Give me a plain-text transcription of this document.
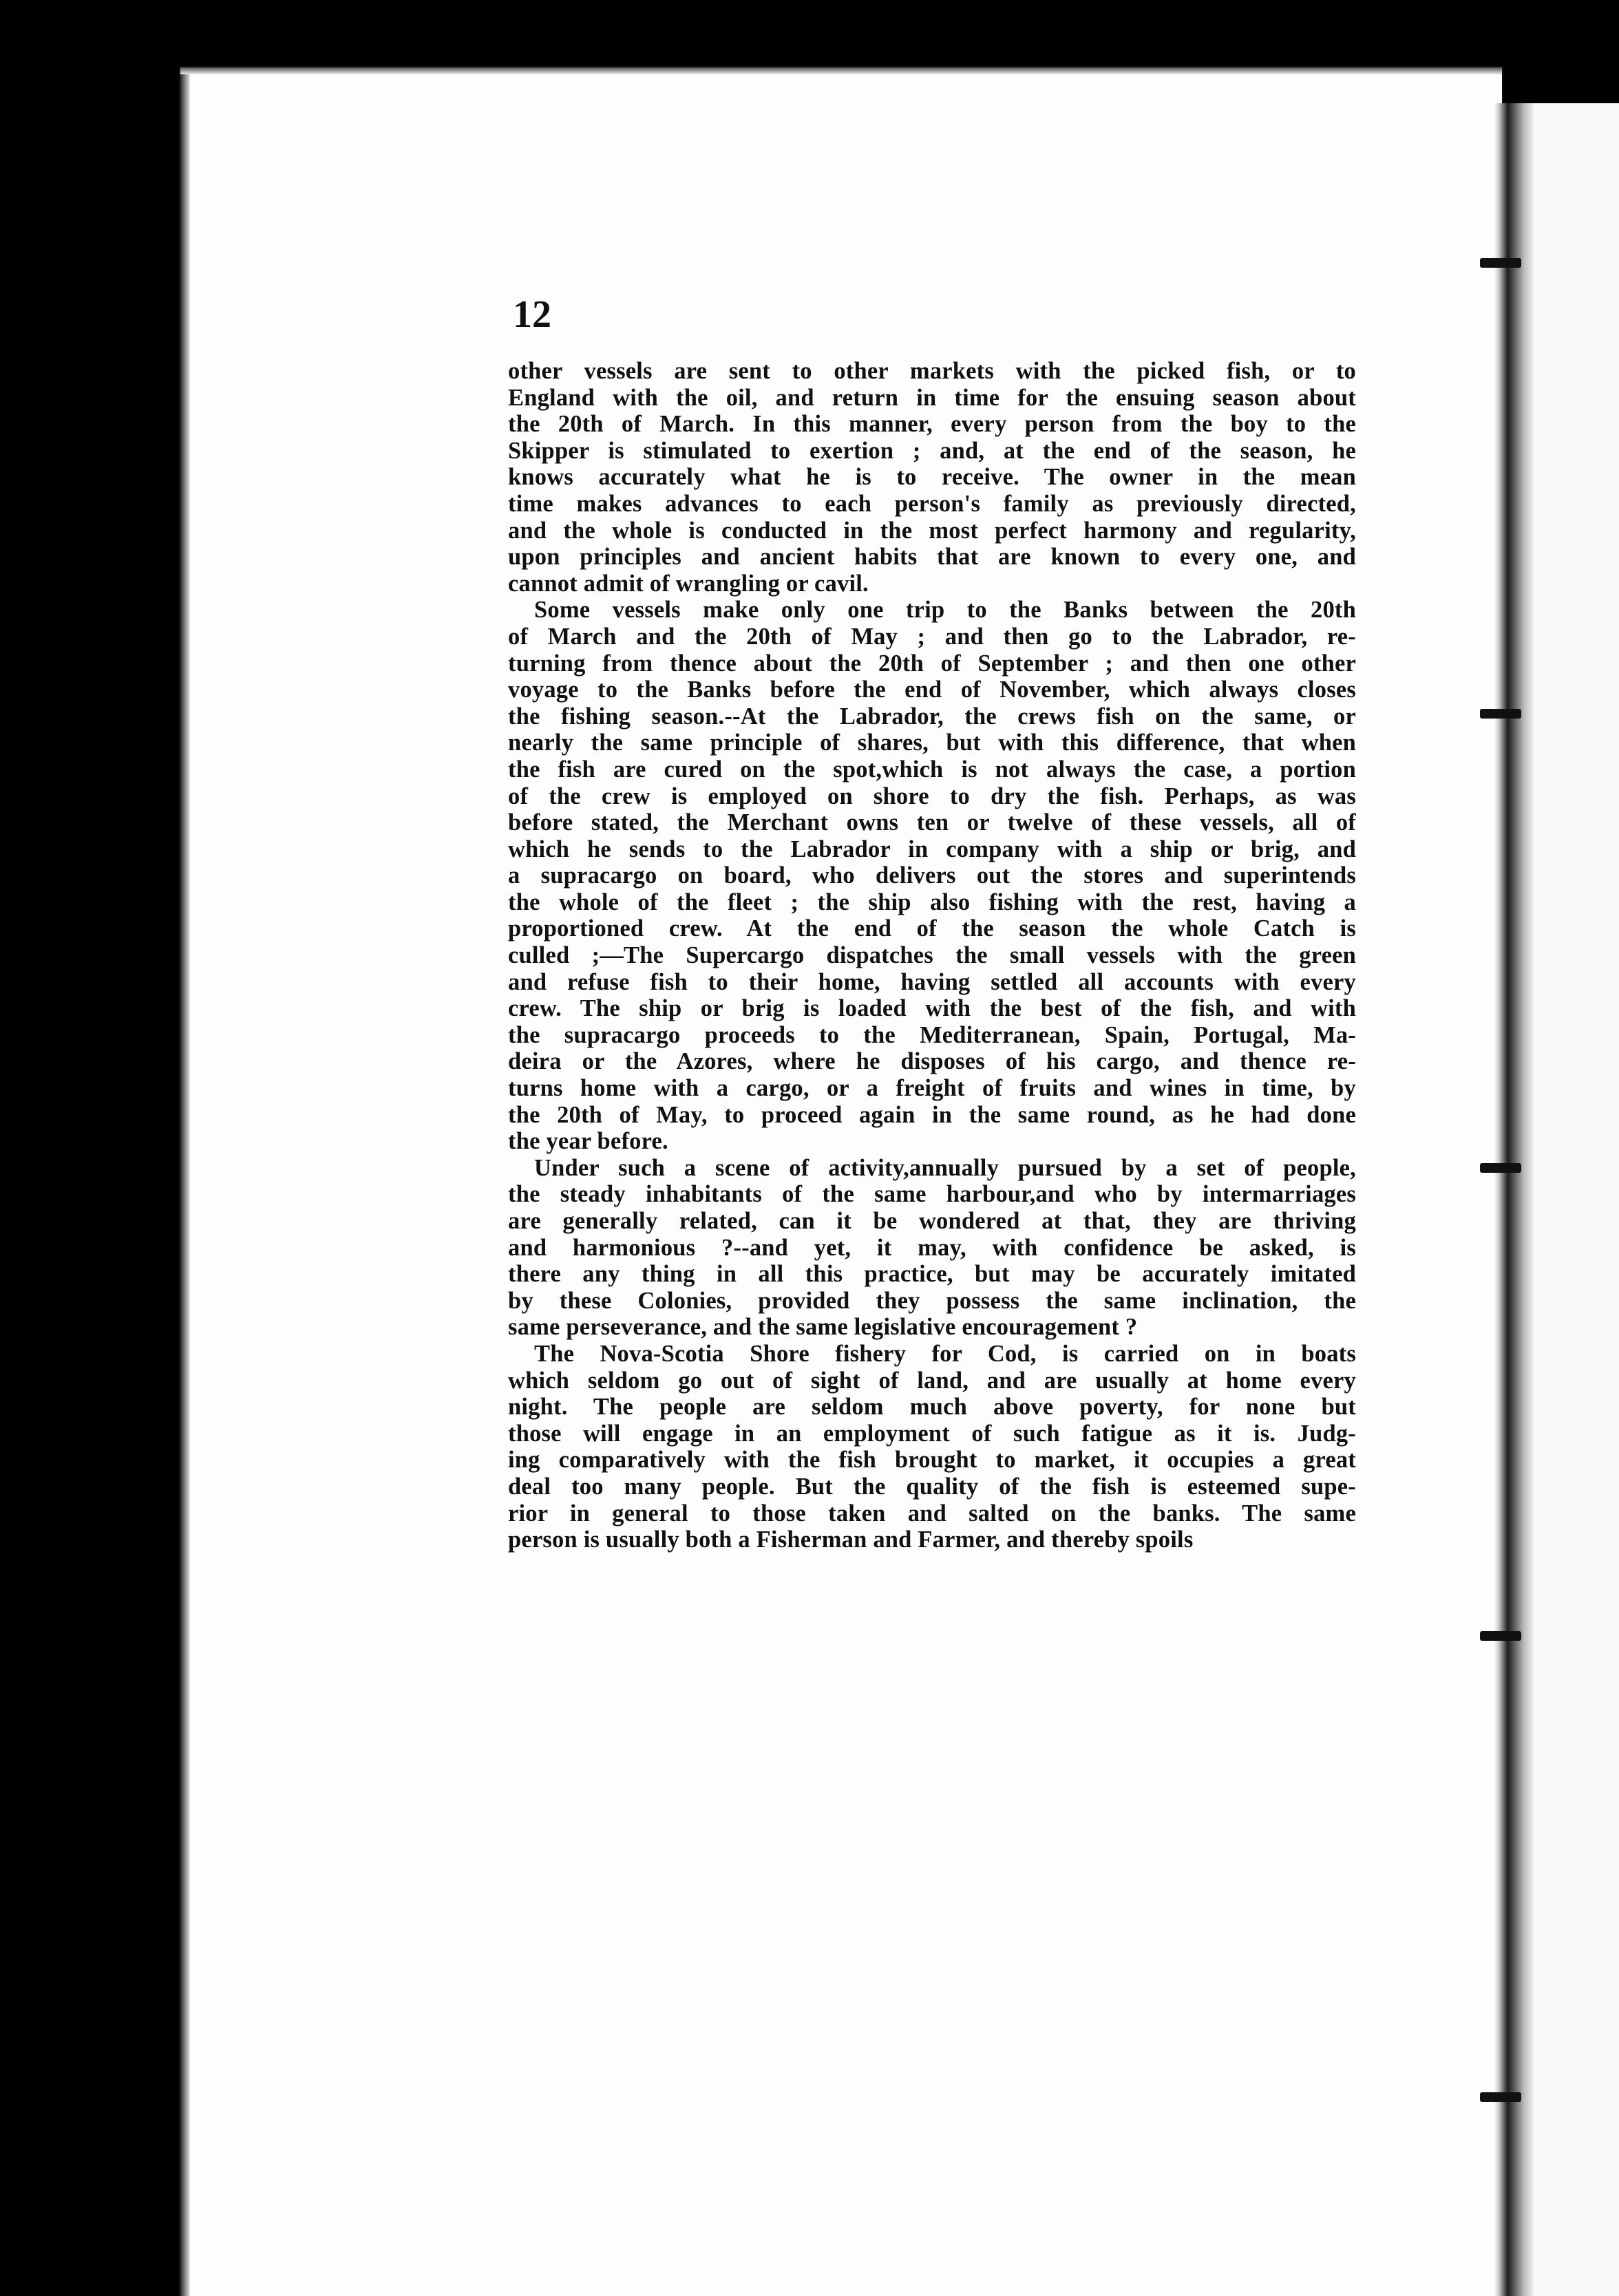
12

other vessels are sent to other markets with the picked fish, or to
England with the oil, and return in time for the ensuing season about
the 20th of March. In this manner, every person from the boy to the
Skipper is stimulated to exertion ; and, at the end of the season, he
knows accurately what he is to receive. The owner in the mean
time makes advances to each person's family as previously directed,
and the whole is conducted in the most perfect harmony and regularity,
upon principles and ancient habits that are known to every one, and
cannot admit of wrangling or cavil.
Some vessels make only one trip to the Banks between the 20th
of March and the 20th of May ; and then go to the Labrador, re-
turning from thence about the 20th of September ; and then one other
voyage to the Banks before the end of November, which always closes
the fishing season.--At the Labrador, the crews fish on the same, or
nearly the same principle of shares, but with this difference, that when
the fish are cured on the spot,which is not always the case, a portion
of the crew is employed on shore to dry the fish. Perhaps, as was
before stated, the Merchant owns ten or twelve of these vessels, all of
which he sends to the Labrador in company with a ship or brig, and
a supracargo on board, who delivers out the stores and superintends
the whole of the fleet ; the ship also fishing with the rest, having a
proportioned crew. At the end of the season the whole Catch is
culled ;—The Supercargo dispatches the small vessels with the green
and refuse fish to their home, having settled all accounts with every
crew. The ship or brig is loaded with the best of the fish, and with
the supracargo proceeds to the Mediterranean, Spain, Portugal, Ma-
deira or the Azores, where he disposes of his cargo, and thence re-
turns home with a cargo, or a freight of fruits and wines in time, by
the 20th of May, to proceed again in the same round, as he had done
the year before.
Under such a scene of activity,annually pursued by a set of people,
the steady inhabitants of the same harbour,and who by intermarriages
are generally related, can it be wondered at that, they are thriving
and harmonious ?--and yet, it may, with confidence be asked, is
there any thing in all this practice, but may be accurately imitated
by these Colonies, provided they possess the same inclination, the
same perseverance, and the same legislative encouragement ?
The Nova-Scotia Shore fishery for Cod, is carried on in boats
which seldom go out of sight of land, and are usually at home every
night. The people are seldom much above poverty, for none but
those will engage in an employment of such fatigue as it is. Judg-
ing comparatively with the fish brought to market, it occupies a great
deal too many people. But the quality of the fish is esteemed supe-
rior in general to those taken and salted on the banks. The same
person is usually both a Fisherman and Farmer, and thereby spoils
